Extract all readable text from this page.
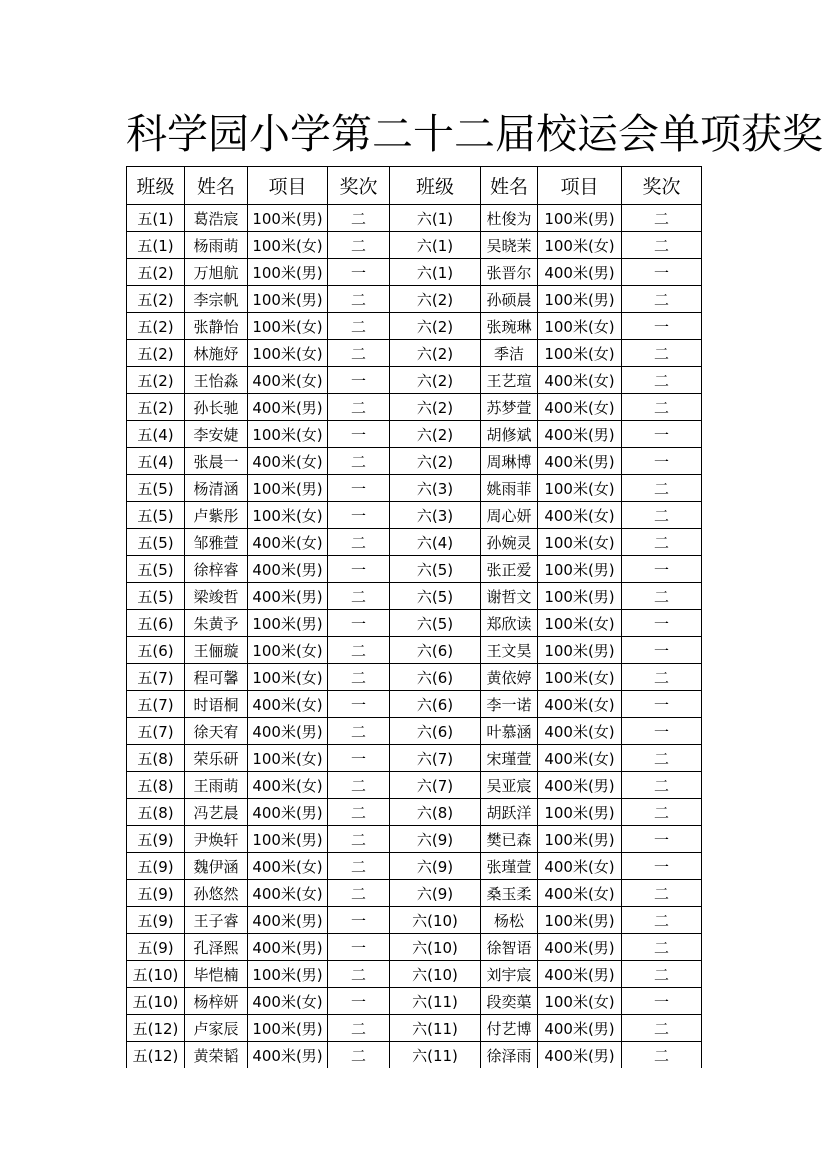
科学园小学第二十二届校运会单项获奖
班级	姓名	项目	奖次	班级	姓名	项目	奖次
五(1)	葛浩宸	100米(男)	二	六(1)	杜俊为	100米(男)	二
五(1)	杨雨萌	100米(女)	二	六(1)	吴晓茉	100米(女)	二
五(2)	万旭航	100米(男)	一	六(1)	张晋尔	400米(男)	一
五(2)	李宗帆	100米(男)	二	六(2)	孙硕晨	100米(男)	二
五(2)	张静怡	100米(女)	二	六(2)	张琬琳	100米(女)	一
五(2)	林施妤	100米(女)	二	六(2)	季洁	100米(女)	二
五(2)	王怡淼	400米(女)	一	六(2)	王艺瑄	400米(女)	二
五(2)	孙长驰	400米(男)	二	六(2)	苏梦萱	400米(女)	二
五(4)	李安婕	100米(女)	一	六(2)	胡修斌	400米(男)	一
五(4)	张晨一	400米(女)	二	六(2)	周琳博	400米(男)	一
五(5)	杨清涵	100米(男)	一	六(3)	姚雨菲	100米(女)	二
五(5)	卢紫彤	100米(女)	一	六(3)	周心妍	400米(女)	二
五(5)	邹雅萱	400米(女)	二	六(4)	孙婉灵	100米(女)	二
五(5)	徐梓睿	400米(男)	一	六(5)	张正爱	100米(男)	一
五(5)	梁竣哲	400米(男)	二	六(5)	谢哲文	100米(男)	二
五(6)	朱黄予	100米(男)	一	六(5)	郑欣读	100米(女)	一
五(6)	王俪璇	100米(女)	二	六(6)	王文昊	100米(男)	一
五(7)	程可馨	100米(女)	二	六(6)	黄依婷	100米(女)	二
五(7)	时语桐	400米(女)	一	六(6)	李一诺	400米(女)	一
五(7)	徐天宥	400米(男)	二	六(6)	叶慕涵	400米(女)	一
五(8)	荣乐研	100米(女)	一	六(7)	宋瑾萱	400米(女)	二
五(8)	王雨萌	400米(女)	二	六(7)	吴亚宸	400米(男)	二
五(8)	冯艺晨	400米(男)	二	六(8)	胡跃洋	100米(男)	二
五(9)	尹焕轩	100米(男)	二	六(9)	樊已森	100米(男)	一
五(9)	魏伊涵	400米(女)	二	六(9)	张瑾萱	400米(女)	一
五(9)	孙悠然	400米(女)	二	六(9)	桑玉柔	400米(女)	二
五(9)	王子睿	400米(男)	一	六(10)	杨松	100米(男)	二
五(9)	孔泽熙	400米(男)	一	六(10)	徐智语	400米(男)	二
五(10)	毕恺楠	100米(男)	二	六(10)	刘宇宸	400米(男)	二
五(10)	杨梓妍	400米(女)	一	六(11)	段奕蕖	100米(女)	一
五(12)	卢家辰	100米(男)	二	六(11)	付艺博	400米(男)	二
五(12)	黄荣韬	400米(男)	二	六(11)	徐泽雨	400米(男)	二
